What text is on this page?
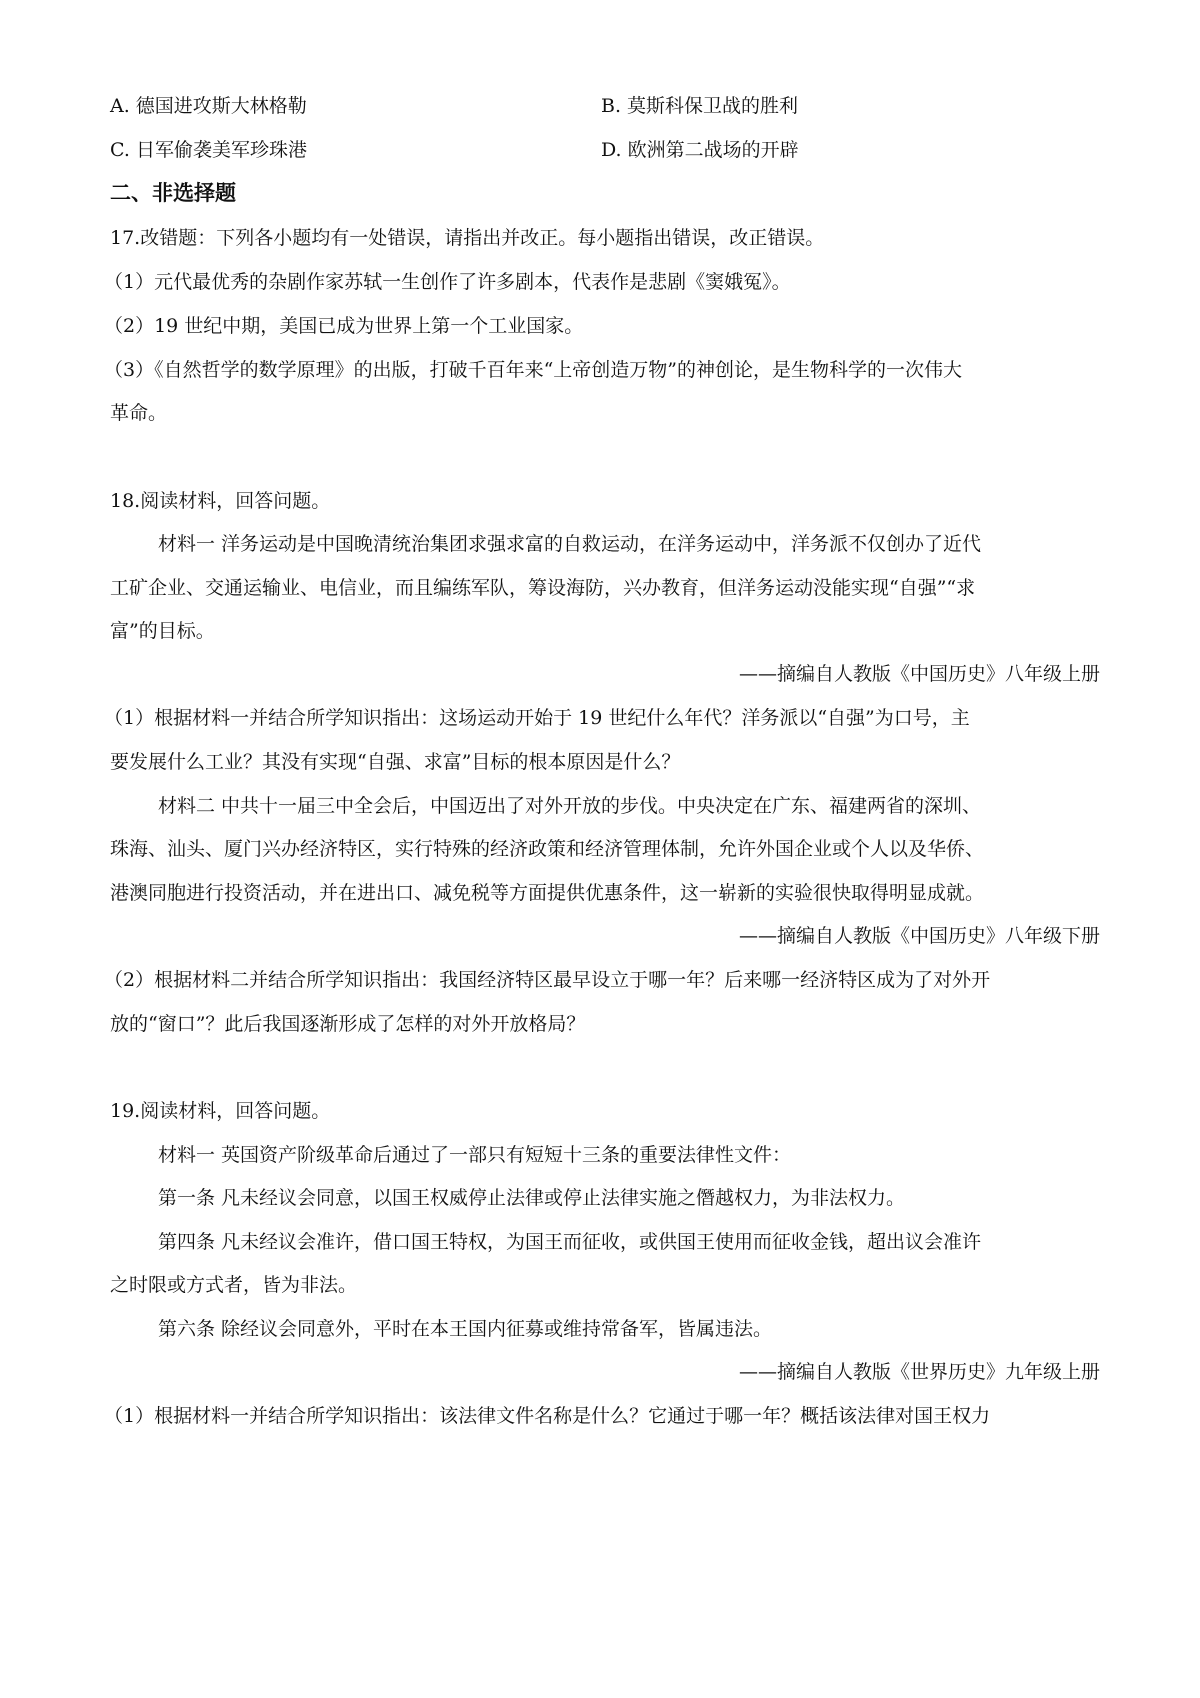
A. 德国进攻斯大林格勒	B. 莫斯科保卫战的胜利
C. 日军偷袭美军珍珠港	D. 欧洲第二战场的开辟
二、非选择题
17.改错题：下列各小题均有一处错误，请指出并改正。每小题指出错误，改正错误。
（1）元代最优秀的杂剧作家苏轼一生创作了许多剧本，代表作是悲剧《窦娥冤》。
（2）19 世纪中期，美国已成为世界上第一个工业国家。
（3）《自然哲学的数学原理》的出版，打破千百年来“上帝创造万物”的神创论，是生物科学的一次伟大
革命。
18.阅读材料，回答问题。
材料一 洋务运动是中国晚清统治集团求强求富的自救运动，在洋务运动中，洋务派不仅创办了近代
工矿企业、交通运输业、电信业，而且编练军队，筹设海防，兴办教育，但洋务运动没能实现“自强”“求
富”的目标。
——摘编自人教版《中国历史》八年级上册
（1）根据材料一并结合所学知识指出：这场运动开始于 19 世纪什么年代？洋务派以“自强”为口号，主
要发展什么工业？其没有实现“自强、求富”目标的根本原因是什么？
材料二 中共十一届三中全会后，中国迈出了对外开放的步伐。中央决定在广东、福建两省的深圳、
珠海、汕头、厦门兴办经济特区，实行特殊的经济政策和经济管理体制，允许外国企业或个人以及华侨、
港澳同胞进行投资活动，并在进出口、减免税等方面提供优惠条件，这一崭新的实验很快取得明显成就。
——摘编自人教版《中国历史》八年级下册
（2）根据材料二并结合所学知识指出：我国经济特区最早设立于哪一年？后来哪一经济特区成为了对外开
放的“窗口”？此后我国逐渐形成了怎样的对外开放格局？
19.阅读材料，回答问题。
材料一 英国资产阶级革命后通过了一部只有短短十三条的重要法律性文件：
第一条 凡未经议会同意，以国王权威停止法律或停止法律实施之僭越权力，为非法权力。
第四条 凡未经议会准许，借口国王特权，为国王而征收，或供国王使用而征收金钱，超出议会准许
之时限或方式者，皆为非法。
第六条 除经议会同意外，平时在本王国内征募或维持常备军，皆属违法。
——摘编自人教版《世界历史》九年级上册
（1）根据材料一并结合所学知识指出：该法律文件名称是什么？它通过于哪一年？概括该法律对国王权力
